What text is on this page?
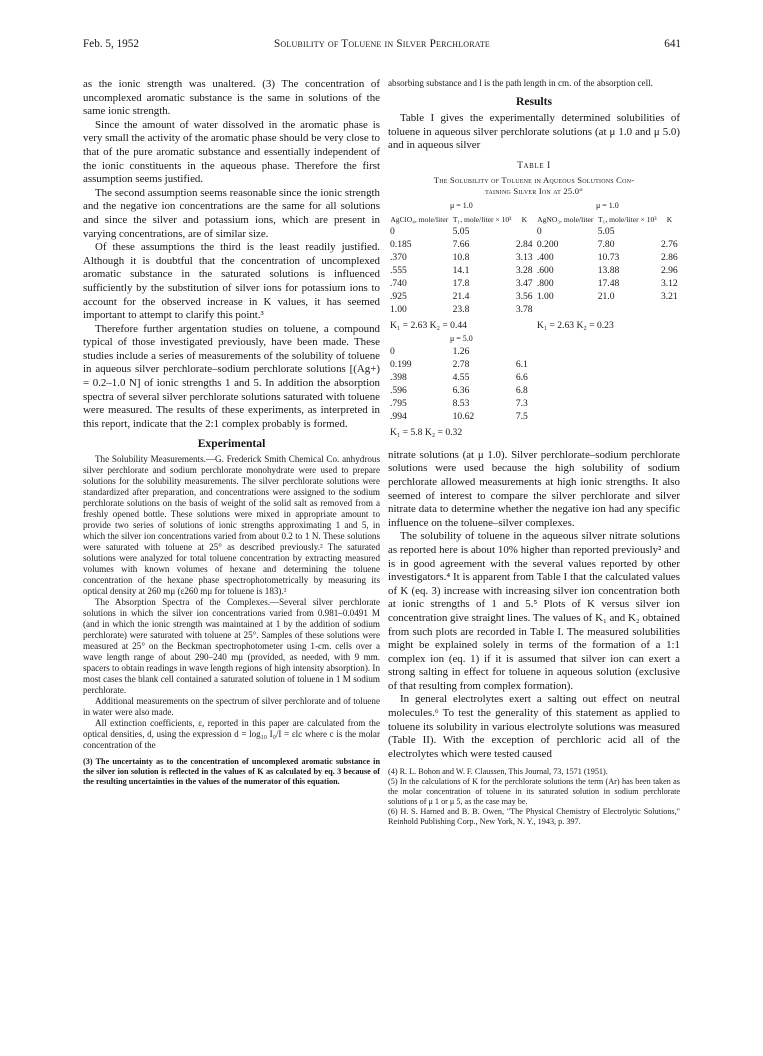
Feb. 5, 1952	Solubility of Toluene in Silver Perchlorate	641

as the ionic strength was unaltered. (3) The concentration of uncomplexed aromatic substance is the same in solutions of the same ionic strength.

Since the amount of water dissolved in the aromatic phase is very small the activity of the aromatic phase should be very close to that of the pure aromatic substance and essentially independent of the ionic constituents in the aqueous phase. Therefore the first assumption seems justified.

The second assumption seems reasonable since the ionic strength and the negative ion concentrations are the same for all solutions and since the silver and potassium ions, which are present in varying concentrations, are of similar size.

Of these assumptions the third is the least readily justified. Although it is doubtful that the concentration of uncomplexed aromatic substance in the saturated solutions is influenced sufficiently by the substitution of silver ions for potassium ions to account for the observed increase in K values, it has seemed important to attempt to clarify this point.³

Therefore further argentation studies on toluene, a compound typical of those investigated previously, have been made. These studies include a series of measurements of the solubility of toluene in aqueous silver perchlorate–sodium perchlorate solutions [(Ag+) = 0.2–1.0 N] of ionic strengths 1 and 5. In addition the absorption spectra of several silver perchlorate solutions saturated with toluene were measured. The results of these experiments, as interpreted in this report, indicate that the 2:1 complex probably is formed.

Experimental

The Solubility Measurements.—G. Frederick Smith Chemical Co. anhydrous silver perchlorate and sodium perchlorate monohydrate were used to prepare solutions for the solubility measurements. The silver perchlorate solutions were standardized after preparation, and concentrations were assigned to the sodium perchlorate solutions on the basis of weight of the solid salt as removed from a freshly opened bottle. These solutions were mixed in appropriate amount to provide two series of solutions of ionic strengths approximating 1 and 5, in which the silver ion concentrations varied from about 0.2 to 1 N. These solutions were saturated with toluene at 25° as described previously.² The saturated solutions were analyzed for total toluene concentration by extracting measured volumes with known volumes of hexane and determining the toluene concentration of the hexane phase spectrophotometrically by measuring its optical density at 260 mμ (ε260 mμ for toluene is 183).²

The Absorption Spectra of the Complexes.—Several silver perchlorate solutions in which the silver ion concentrations varied from 0.981–0.0491 M (and in which the ionic strength was maintained at 1 by the addition of sodium perchlorate) were saturated with toluene at 25°. Samples of these solutions were measured at 25° on the Beckman spectrophotometer using 1-cm. cells over a wave length range of about 290–240 mμ (provided, as needed, with 9 mm. spacers to obtain readings in wave length regions of high intensity absorption). In most cases the blank cell contained a saturated solution of toluene in 1 M sodium perchlorate.

Additional measurements on the spectrum of silver perchlorate and of toluene in water were also made.

All extinction coefficients, ε, reported in this paper are calculated from the optical densities, d, using the expression d = log₁₀ I₀/I = εlc where c is the molar concentration of the

(3) The uncertainty as to the concentration of uncomplexed aromatic substance in the silver ion solution is reflected in the values of K as calculated by eq. 3 because of the resulting uncertainties in the values of the numerator of this equation.

absorbing substance and l is the path length in cm. of the absorption cell.

Results

Table I gives the experimentally determined solubilities of toluene in aqueous silver perchlorate solutions (at μ 1.0 and μ 5.0) and in aqueous silver

Table I
The Solubility of Toluene in Aqueous Solutions Con-
taining Silver Ion at 25.0°
μ = 1.0			μ = 1.0		
AgClO₄, mole/liter	T₁, mole/liter × 10³	K	AgNO₃, mole/liter	T₁, mole/liter × 10³	K
0	5.05		0	5.05	
0.185	7.66	2.84	0.200	7.80	2.76
.370	10.8	3.13	.400	10.73	2.86
.555	14.1	3.28	.600	13.88	2.96
.740	17.8	3.47	.800	17.48	3.12
.925	21.4	3.56	1.00	21.0	3.21
1.00	23.8	3.78			
K₁ = 2.63 K₂ = 0.44			K₁ = 2.63 K₂ = 0.23		
μ = 5.0					
0	1.26				
0.199	2.78	6.1			
.398	4.55	6.6			
.596	6.36	6.8			
.795	8.53	7.3			
.994	10.62	7.5			
K₁ = 5.8 K₂ = 0.32					

nitrate solutions (at μ 1.0). Silver perchlorate–sodium perchlorate solutions were used because the high solubility of sodium perchlorate allowed measurements at high ionic strengths. It also seemed of interest to compare the silver perchlorate and silver nitrate data to determine whether the negative ion had any specific influence on the toluene–silver complexes.

The solubility of toluene in the aqueous silver nitrate solutions as reported here is about 10% higher than reported previously² and is in good agreement with the several values reported by other investigators.⁴ It is apparent from Table I that the calculated values of K (eq. 3) increase with increasing silver ion concentration both at ionic strengths of 1 and 5.⁵ Plots of K versus silver ion concentration give straight lines. The values of K₁ and K₂ obtained from such plots are recorded in Table I. The measured solubilities might be explained solely in terms of the formation of a 1:1 complex ion (eq. 1) if it is assumed that silver ion can exert a strong salting in effect for toluene in aqueous solution (exclusive of that resulting from complex formation).

In general electrolytes exert a salting out effect on neutral molecules.⁶ To test the generality of this statement as applied to toluene its solubility in various electrolyte solutions was measured (Table II). With the exception of perchloric acid all of the electrolytes which were tested caused

(4) R. L. Bohon and W. F. Claussen, This Journal, 73, 1571 (1951).

(5) In the calculations of K for the perchlorate solutions the term (Ar) has been taken as the molar concentration of toluene in its saturated solution in sodium perchlorate solutions of μ 1 or μ 5, as the case may be.

(6) H. S. Harned and B. B. Owen, "The Physical Chemistry of Electrolytic Solutions," Reinhold Publishing Corp., New York, N. Y., 1943, p. 397.
